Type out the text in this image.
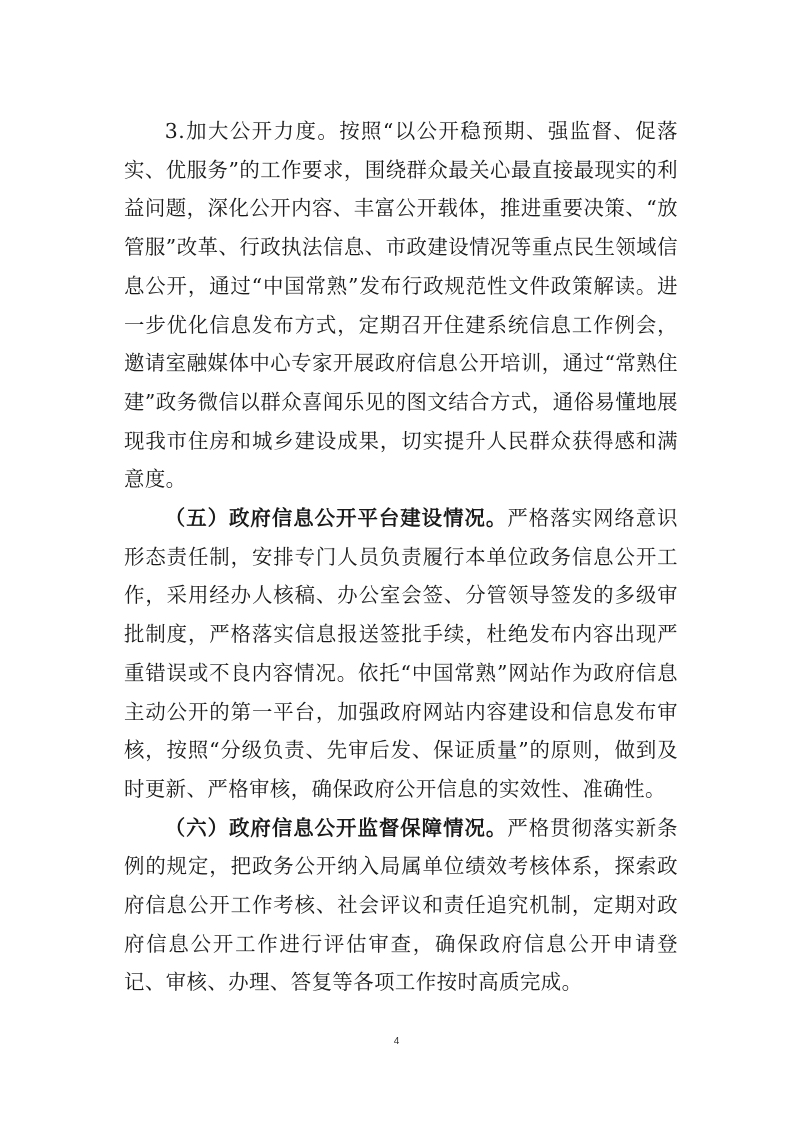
3.加大公开力度。按照“以公开稳预期、强监督、促落实、优服务”的工作要求，围绕群众最关心最直接最现实的利益问题，深化公开内容、丰富公开载体，推进重要决策、“放管服”改革、行政执法信息、市政建设情况等重点民生领域信息公开，通过“中国常熟”发布行政规范性文件政策解读。进一步优化信息发布方式，定期召开住建系统信息工作例会，邀请室融媒体中心专家开展政府信息公开培训，通过“常熟住建”政务微信以群众喜闻乐见的图文结合方式，通俗易懂地展现我市住房和城乡建设成果，切实提升人民群众获得感和满意度。

（五）政府信息公开平台建设情况。严格落实网络意识形态责任制，安排专门人员负责履行本单位政务信息公开工作，采用经办人核稿、办公室会签、分管领导签发的多级审批制度，严格落实信息报送签批手续，杜绝发布内容出现严重错误或不良内容情况。依托“中国常熟”网站作为政府信息主动公开的第一平台，加强政府网站内容建设和信息发布审核，按照“分级负责、先审后发、保证质量”的原则，做到及时更新、严格审核，确保政府公开信息的实效性、准确性。

（六）政府信息公开监督保障情况。严格贯彻落实新条例的规定，把政务公开纳入局属单位绩效考核体系，探索政府信息公开工作考核、社会评议和责任追究机制，定期对政府信息公开工作进行评估审查，确保政府信息公开申请登记、审核、办理、答复等各项工作按时高质完成。

4
